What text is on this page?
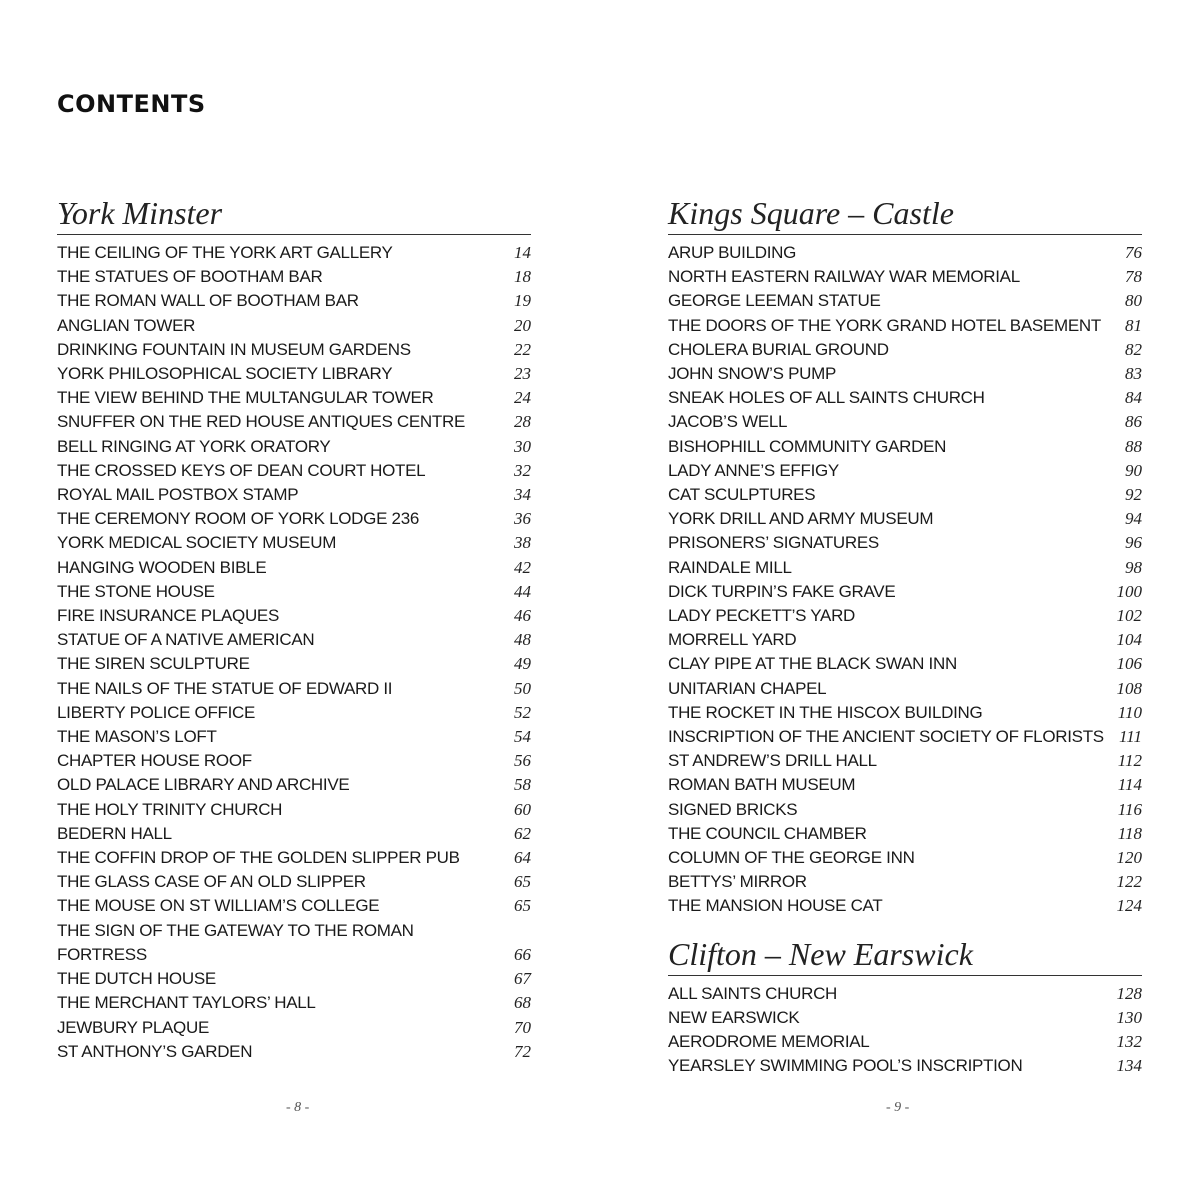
CONTENTS
York Minster
THE CEILING OF THE YORK ART GALLERY	14
THE STATUES OF BOOTHAM BAR	18
THE ROMAN WALL OF BOOTHAM BAR	19
ANGLIAN TOWER	20
DRINKING FOUNTAIN IN MUSEUM GARDENS	22
YORK PHILOSOPHICAL SOCIETY LIBRARY	23
THE VIEW BEHIND THE MULTANGULAR TOWER	24
SNUFFER ON THE RED HOUSE ANTIQUES CENTRE	28
BELL RINGING AT YORK ORATORY	30
THE CROSSED KEYS OF DEAN COURT HOTEL	32
ROYAL MAIL POSTBOX STAMP	34
THE CEREMONY ROOM OF YORK LODGE 236	36
YORK MEDICAL SOCIETY MUSEUM	38
HANGING WOODEN BIBLE	42
THE STONE HOUSE	44
FIRE INSURANCE PLAQUES	46
STATUE OF A NATIVE AMERICAN	48
THE SIREN SCULPTURE	49
THE NAILS OF THE STATUE OF EDWARD II	50
LIBERTY POLICE OFFICE	52
THE MASON’S LOFT	54
CHAPTER HOUSE ROOF	56
OLD PALACE LIBRARY AND ARCHIVE	58
THE HOLY TRINITY CHURCH	60
BEDERN HALL	62
THE COFFIN DROP OF THE GOLDEN SLIPPER PUB	64
THE GLASS CASE OF AN OLD SLIPPER	65
THE MOUSE ON ST WILLIAM’S COLLEGE	65
THE SIGN OF THE GATEWAY TO THE ROMAN FORTRESS	66
THE DUTCH HOUSE	67
THE MERCHANT TAYLORS’ HALL	68
JEWBURY PLAQUE	70
ST ANTHONY’S GARDEN	72
Kings Square – Castle
ARUP BUILDING	76
NORTH EASTERN RAILWAY WAR MEMORIAL	78
GEORGE LEEMAN STATUE	80
THE DOORS OF THE YORK GRAND HOTEL BASEMENT	81
CHOLERA BURIAL GROUND	82
JOHN SNOW’S PUMP	83
SNEAK HOLES OF ALL SAINTS CHURCH	84
JACOB’S WELL	86
BISHOPHILL COMMUNITY GARDEN	88
LADY ANNE’S EFFIGY	90
CAT SCULPTURES	92
YORK DRILL AND ARMY MUSEUM	94
PRISONERS’ SIGNATURES	96
RAINDALE MILL	98
DICK TURPIN’S FAKE GRAVE	100
LADY PECKETT’S YARD	102
MORRELL YARD	104
CLAY PIPE AT THE BLACK SWAN INN	106
UNITARIAN CHAPEL	108
THE ROCKET IN THE HISCOX BUILDING	110
INSCRIPTION OF THE ANCIENT SOCIETY OF FLORISTS 111
ST ANDREW’S DRILL HALL	112
ROMAN BATH MUSEUM	114
SIGNED BRICKS	116
THE COUNCIL CHAMBER	118
COLUMN OF THE GEORGE INN	120
BETTYS’ MIRROR	122
THE MANSION HOUSE CAT	124
Clifton – New Earswick
ALL SAINTS CHURCH	128
NEW EARSWICK	130
AERODROME MEMORIAL	132
YEARSLEY SWIMMING POOL’S INSCRIPTION	134
- 8 -	- 9 -
